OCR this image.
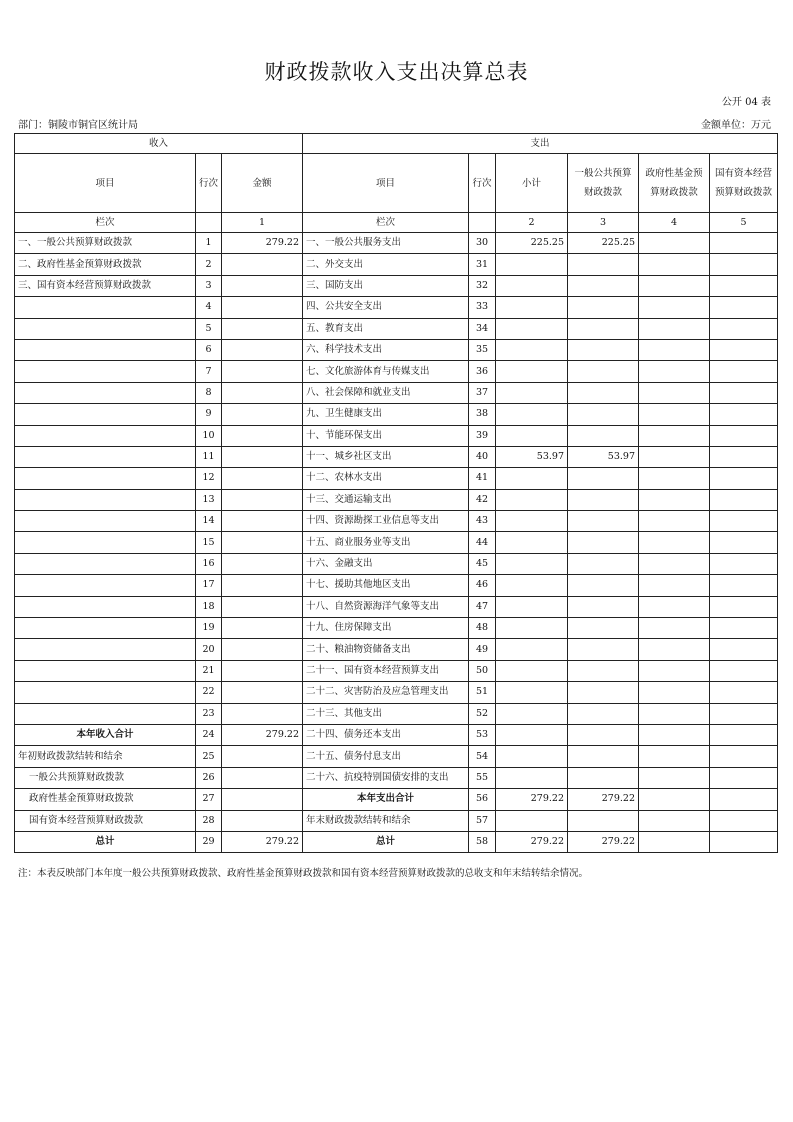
财政拨款收入支出决算总表
公开 04 表
部门：铜陵市铜官区统计局	金额单位：万元
收入			支出					
项目	行次	金额	项目	行次	小计	一般公共预算财政拨款	政府性基金预算财政拨款	国有资本经营预算财政拨款
栏次		1	栏次		2	3	4	5
一、一般公共预算财政拨款	1	279.22	一、一般公共服务支出	30	225.25	225.25		
二、政府性基金预算财政拨款	2		二、外交支出	31				
三、国有资本经营预算财政拨款	3		三、国防支出	32				
	4		四、公共安全支出	33				
	5		五、教育支出	34				
	6		六、科学技术支出	35				
	7		七、文化旅游体育与传媒支出	36				
	8		八、社会保障和就业支出	37				
	9		九、卫生健康支出	38				
	10		十、节能环保支出	39				
	11		十一、城乡社区支出	40	53.97	53.97		
	12		十二、农林水支出	41				
	13		十三、交通运输支出	42				
	14		十四、资源勘探工业信息等支出	43				
	15		十五、商业服务业等支出	44				
	16		十六、金融支出	45				
	17		十七、援助其他地区支出	46				
	18		十八、自然资源海洋气象等支出	47				
	19		十九、住房保障支出	48				
	20		二十、粮油物资储备支出	49				
	21		二十一、国有资本经营预算支出	50				
	22		二十二、灾害防治及应急管理支出	51				
	23		二十三、其他支出	52				
本年收入合计	24	279.22	二十四、债务还本支出	53				
年初财政拨款结转和结余	25		二十五、债务付息支出	54				
一般公共预算财政拨款	26		二十六、抗疫特别国债安排的支出	55				
政府性基金预算财政拨款	27		本年支出合计	56	279.22	279.22		
国有资本经营预算财政拨款	28		年末财政拨款结转和结余	57				
总计	29	279.22	总计	58	279.22	279.22		
注：本表反映部门本年度一般公共预算财政拨款、政府性基金预算财政拨款和国有资本经营预算财政拨款的总收支和年末结转结余情况。
